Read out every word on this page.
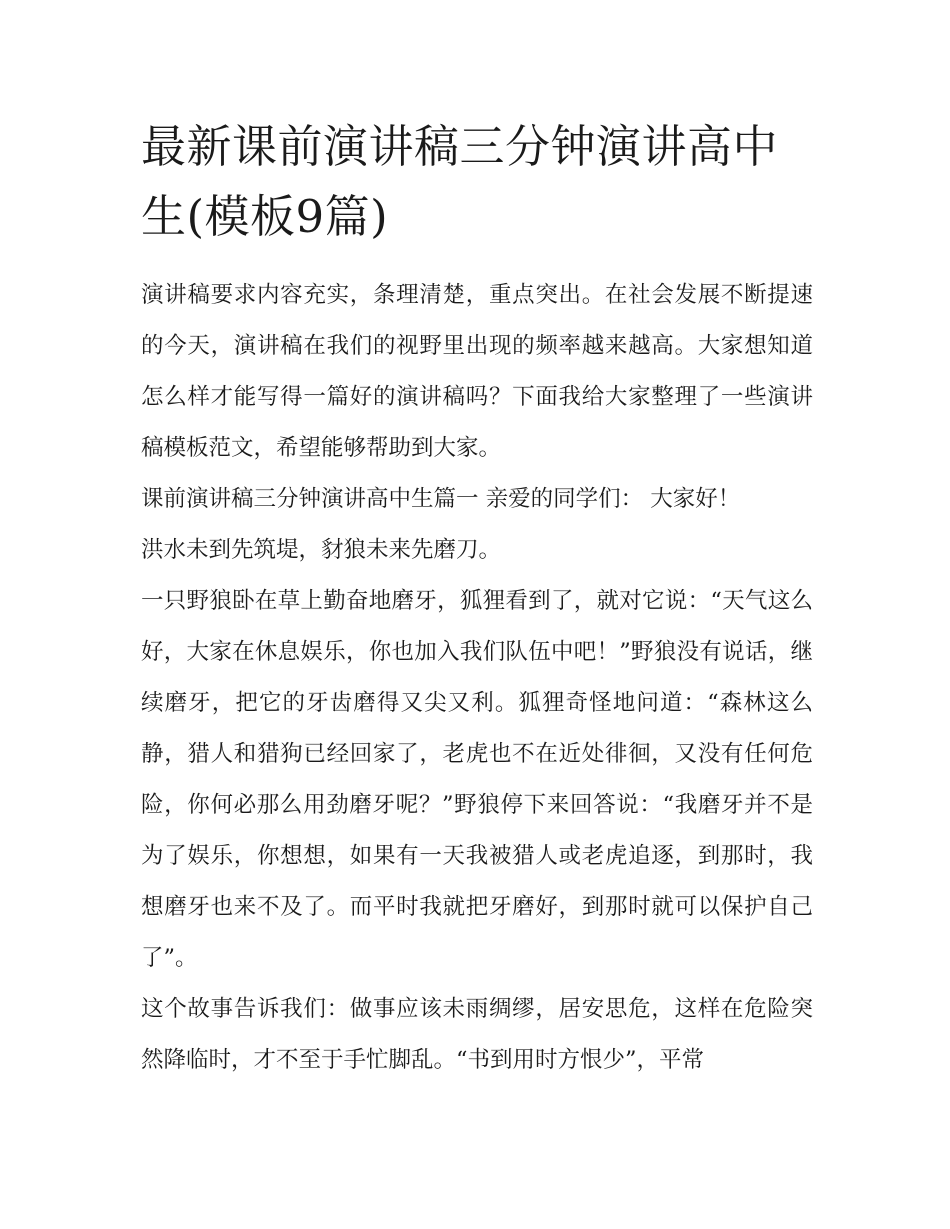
最新课前演讲稿三分钟演讲高中生(模板9篇)

演讲稿要求内容充实，条理清楚，重点突出。在社会发展不断提速的今天，演讲稿在我们的视野里出现的频率越来越高。大家想知道怎么样才能写得一篇好的演讲稿吗？下面我给大家整理了一些演讲稿模板范文，希望能够帮助到大家。

课前演讲稿三分钟演讲高中生篇一 亲爱的同学们： 大家好！

洪水未到先筑堤，豺狼未来先磨刀。

一只野狼卧在草上勤奋地磨牙，狐狸看到了，就对它说：“天气这么好，大家在休息娱乐，你也加入我们队伍中吧！”野狼没有说话，继续磨牙，把它的牙齿磨得又尖又利。狐狸奇怪地问道：“森林这么静，猎人和猎狗已经回家了，老虎也不在近处徘徊，又没有任何危险，你何必那么用劲磨牙呢？”野狼停下来回答说：“我磨牙并不是为了娱乐，你想想，如果有一天我被猎人或老虎追逐，到那时，我想磨牙也来不及了。而平时我就把牙磨好，到那时就可以保护自己了”。

这个故事告诉我们：做事应该未雨绸缪，居安思危，这样在危险突然降临时，才不至于手忙脚乱。“书到用时方恨少”，平常
